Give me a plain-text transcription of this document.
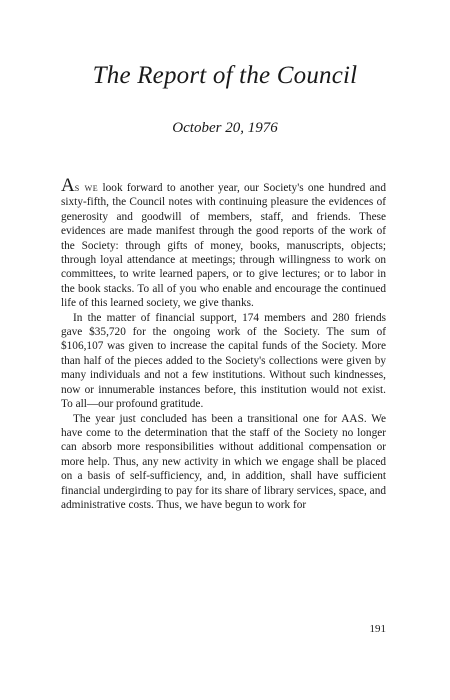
The Report of the Council
October 20, 1976

As we look forward to another year, our Society's one hundred and sixty-fifth, the Council notes with continuing pleasure the evidences of generosity and goodwill of members, staff, and friends. These evidences are made manifest through the good reports of the work of the Society: through gifts of money, books, manuscripts, objects; through loyal attendance at meetings; through willingness to work on committees, to write learned papers, or to give lectures; or to labor in the book stacks. To all of you who enable and encourage the continued life of this learned society, we give thanks.

In the matter of financial support, 174 members and 280 friends gave $35,720 for the ongoing work of the Society. The sum of $106,107 was given to increase the capital funds of the Society. More than half of the pieces added to the Society's collections were given by many individuals and not a few institutions. Without such kindnesses, now or innumerable instances before, this institution would not exist. To all—our profound gratitude.

The year just concluded has been a transitional one for AAS. We have come to the determination that the staff of the Society no longer can absorb more responsibilities without additional compensation or more help. Thus, any new activity in which we engage shall be placed on a basis of self-sufficiency, and, in addition, shall have sufficient financial undergirding to pay for its share of library services, space, and administrative costs. Thus, we have begun to work for

191
